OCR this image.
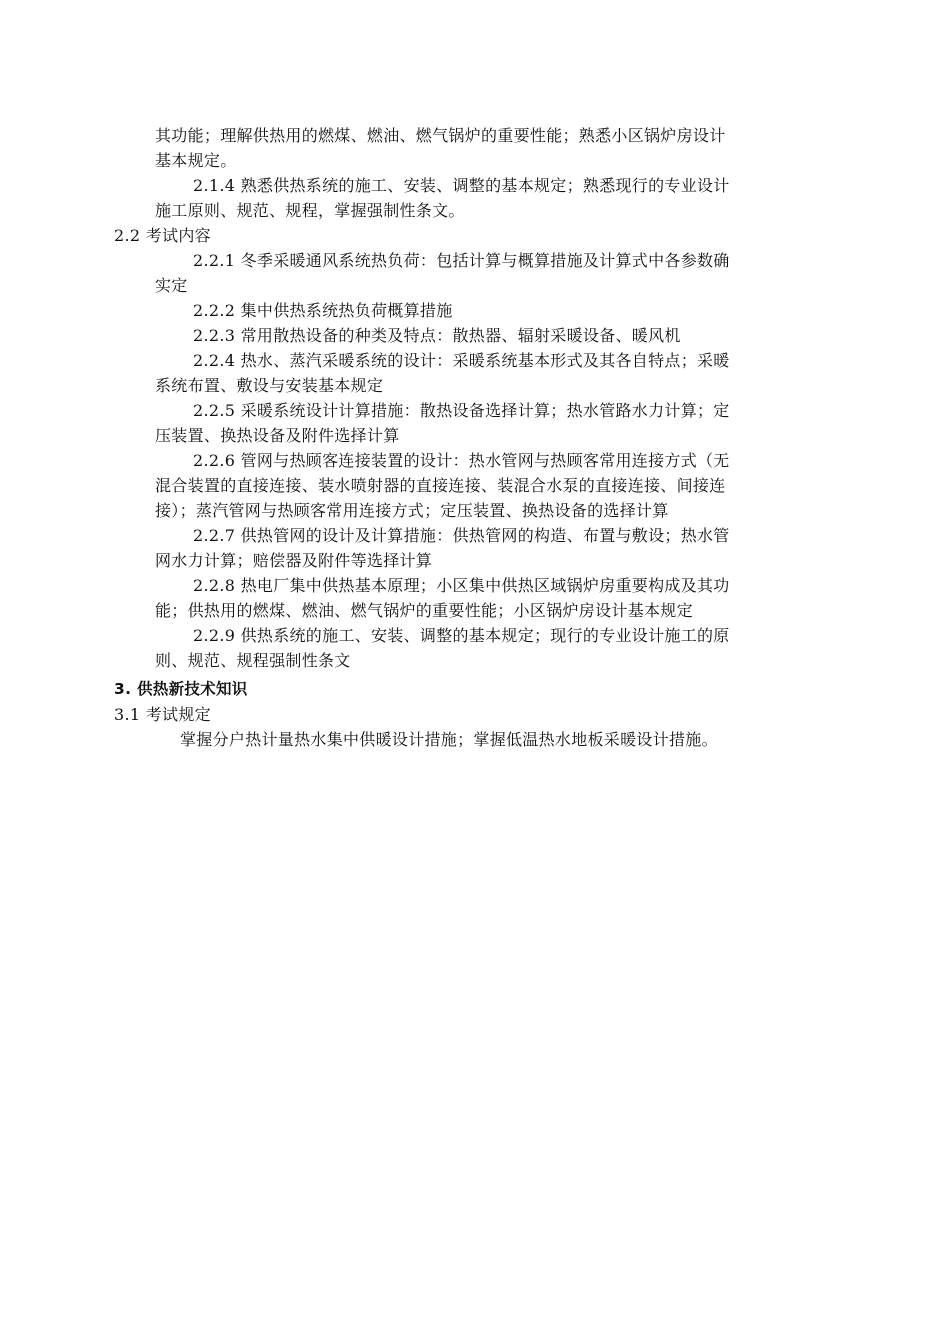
其功能；理解供热用的燃煤、燃油、燃气锅炉的重要性能；熟悉小区锅炉房设计
基本规定。
2.1.4 熟悉供热系统的施工、安装、调整的基本规定；熟悉现行的专业设计
施工原则、规范、规程，掌握强制性条文。
2.2 考试内容
2.2.1 冬季采暖通风系统热负荷：包括计算与概算措施及计算式中各参数确
实定
2.2.2 集中供热系统热负荷概算措施
2.2.3 常用散热设备的种类及特点：散热器、辐射采暖设备、暖风机
2.2.4 热水、蒸汽采暖系统的设计：采暖系统基本形式及其各自特点；采暖
系统布置、敷设与安装基本规定
2.2.5 采暖系统设计计算措施：散热设备选择计算；热水管路水力计算；定
压装置、换热设备及附件选择计算
2.2.6 管网与热顾客连接装置的设计：热水管网与热顾客常用连接方式（无
混合装置的直接连接、装水喷射器的直接连接、装混合水泵的直接连接、间接连
接）；蒸汽管网与热顾客常用连接方式；定压装置、换热设备的选择计算
2.2.7 供热管网的设计及计算措施：供热管网的构造、布置与敷设；热水管
网水力计算；赔偿器及附件等选择计算
2.2.8 热电厂集中供热基本原理；小区集中供热区域锅炉房重要构成及其功
能；供热用的燃煤、燃油、燃气锅炉的重要性能；小区锅炉房设计基本规定
2.2.9 供热系统的施工、安装、调整的基本规定；现行的专业设计施工的原
则、规范、规程强制性条文
3. 供热新技术知识
3.1 考试规定
掌握分户热计量热水集中供暖设计措施；掌握低温热水地板采暖设计措施。
